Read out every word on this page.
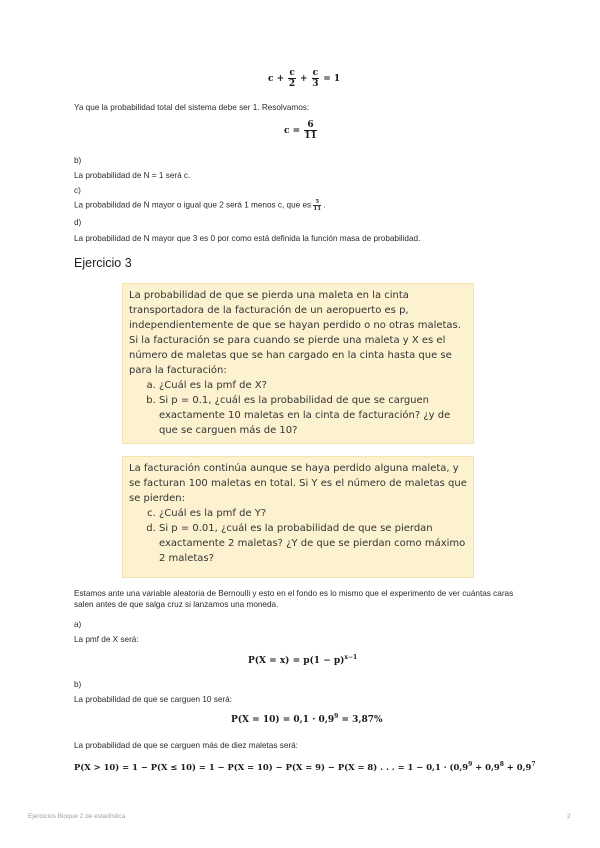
$c + \frac{c}{2} + \frac{c}{3} = 1$
Ya que la probabilidad total del sistema debe ser 1. Resolvamos:
$c = \frac{6}{11}$
b)
La probabilidad de N = 1 será c.
c)
La probabilidad de N mayor o igual que 2 será 1 menos c, que es $\frac{5}{11}$ .
d)
La probabilidad de N mayor que 3 es 0 por como está definida la función masa de probabilidad.
Ejercicio 3
La probabilidad de que se pierda una maleta en la cinta transportadora de la facturación de un aeropuerto es p, independientemente de que se hayan perdido o no otras maletas. Si la facturación se para cuando se pierde una maleta y X es el número de maletas que se han cargado en la cinta hasta que se para la facturación:
a. ¿Cuál es la pmf de X?
b. Si p = 0.1, ¿cuál es la probabilidad de que se carguen exactamente 10 maletas en la cinta de facturación? ¿y de que se carguen más de 10?
La facturación continúa aunque se haya perdido alguna maleta, y se facturan 100 maletas en total. Si Y es el número de maletas que se pierden:
c. ¿Cuál es la pmf de Y?
d. Si p = 0.01, ¿cuál es la probabilidad de que se pierdan exactamente 2 maletas? ¿Y de que se pierdan como máximo 2 maletas?
Estamos ante una variable aleatoria de Bernoulli y esto en el fondo es lo mismo que el experimento de ver cuántas caras salen antes de que salga cruz si lanzamos una moneda.
a)
La pmf de X será:
$P(X = x) = p(1 - p)^{x-1}$
b)
La probabilidad de que se carguen 10 será:
$P(X = 10) = 0,1 \cdot 0,9^9 = 3,87\%$
La probabilidad de que se carguen más de diez maletas será:
P(X > 10) = 1 − P(X ≤ 10) = 1 − P(X = 10) − P(X = 9) − P(X = 8) . . . = $1 - 0,1 \cdot (0,9^9 + 0,9^8 + 0,9^7$
Ejercicios Bloque 2 de estadística	2
